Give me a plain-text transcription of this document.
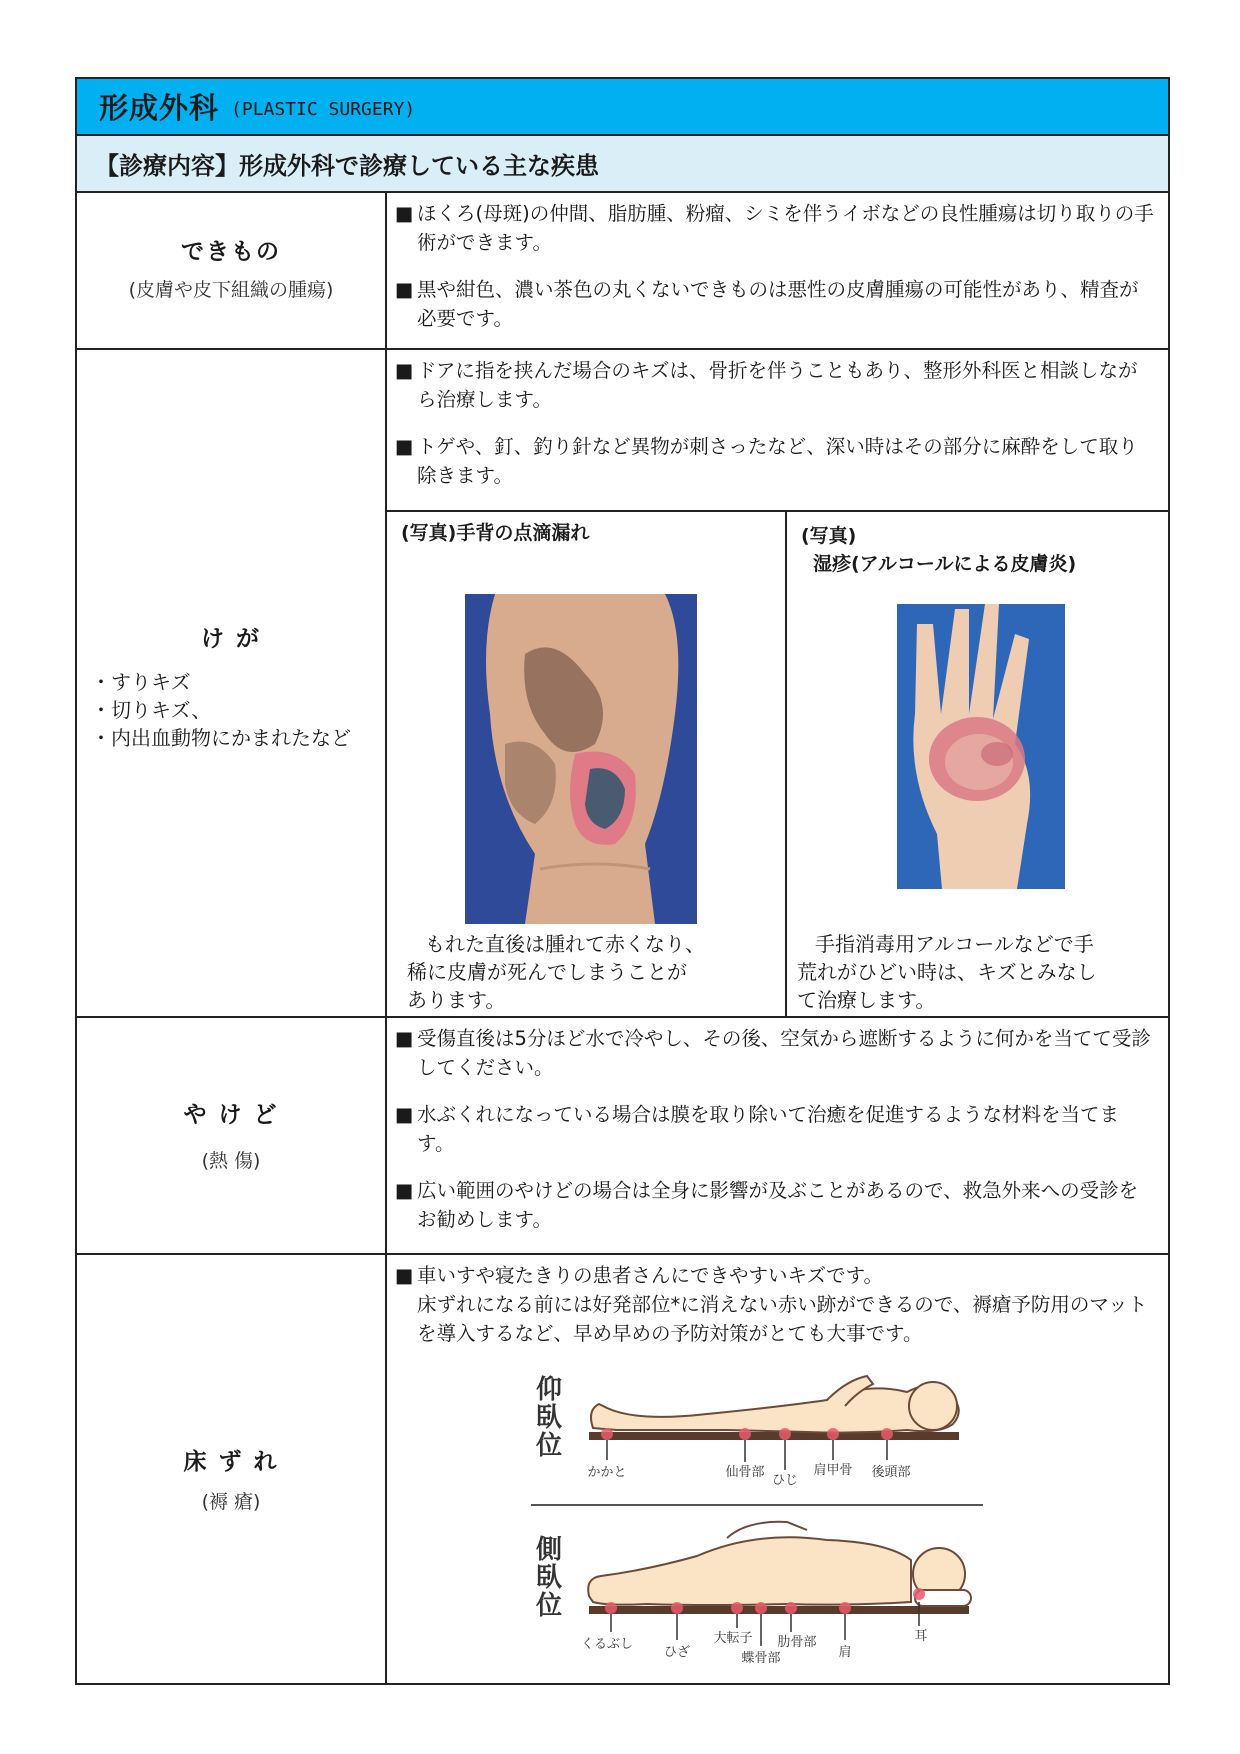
形成外科 (PLASTIC SURGERY)
【診療内容】形成外科で診療している主な疾患
できもの
(皮膚や皮下組織の腫瘍)
■ ほくろ(母斑)の仲間、脂肪腫、粉瘤、シミを伴うイボなどの良性腫瘍は切り取りの手術ができます。
■ 黒や紺色、濃い茶色の丸くないできものは悪性の皮膚腫瘍の可能性があり、精査が必要です。
け が
・すりキズ
・切りキズ、
・内出血動物にかまれたなど
■ ドアに指を挟んだ場合のキズは、骨折を伴うこともあり、整形外科医と相談しながら治療します。
■ トゲや、釘、釣り針など異物が刺さったなど、深い時はその部分に麻酔をして取り除きます。
(写真)手背の点滴漏れ
もれた直後は腫れて赤くなり、
稀に皮膚が死んでしまうことが
あります。
(写真)
湿疹(アルコールによる皮膚炎)
手指消毒用アルコールなどで手
荒れがひどい時は、キズとみなし
て治療します。
や け ど
(熱 傷)
■ 受傷直後は5分ほど水で冷やし、その後、空気から遮断するように何かを当てて受診してください。
■ 水ぶくれになっている場合は膜を取り除いて治癒を促進するような材料を当てます。
■ 広い範囲のやけどの場合は全身に影響が及ぶことがあるので、救急外来への受診をお勧めします。
床 ず れ
(褥 瘡)
■ 車いすや寝たきりの患者さんにできやすいキズです。
床ずれになる前には好発部位*に消えない赤い跡ができるので、褥瘡予防用のマットを導入するなど、早め早めの予防対策がとても大事です。
仰
臥
位
側
臥
位
かかと	仙骨部
ひじ
肩甲骨 後頭部
くるぶし
ひざ
大転子
蝶骨部
肋骨部
肩
耳
